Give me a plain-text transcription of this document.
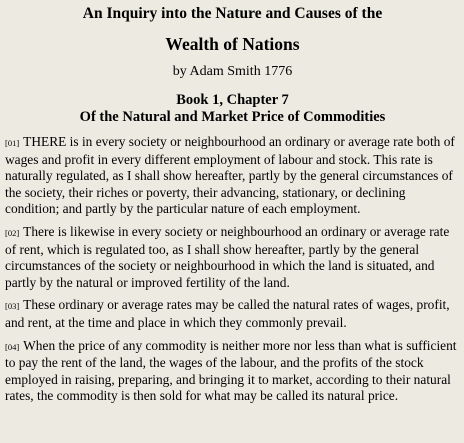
An Inquiry into the Nature and Causes of the

Wealth of Nations

by Adam Smith 1776

Book 1, Chapter 7

Of the Natural and Market Price of Commodities

[01] THERE is in every society or neighbourhood an ordinary or average rate both of wages and profit in every different employment of labour and stock. This rate is naturally regulated, as I shall show hereafter, partly by the general circumstances of the society, their riches or poverty, their advancing, stationary, or declining condition; and partly by the particular nature of each employment.

[02] There is likewise in every society or neighbourhood an ordinary or average rate of rent, which is regulated too, as I shall show hereafter, partly by the general circumstances of the society or neighbourhood in which the land is situated, and partly by the natural or improved fertility of the land.

[03] These ordinary or average rates may be called the natural rates of wages, profit, and rent, at the time and place in which they commonly prevail.

[04] When the price of any commodity is neither more nor less than what is sufficient to pay the rent of the land, the wages of the labour, and the profits of the stock employed in raising, preparing, and bringing it to market, according to their natural rates, the commodity is then sold for what may be called its natural price.
